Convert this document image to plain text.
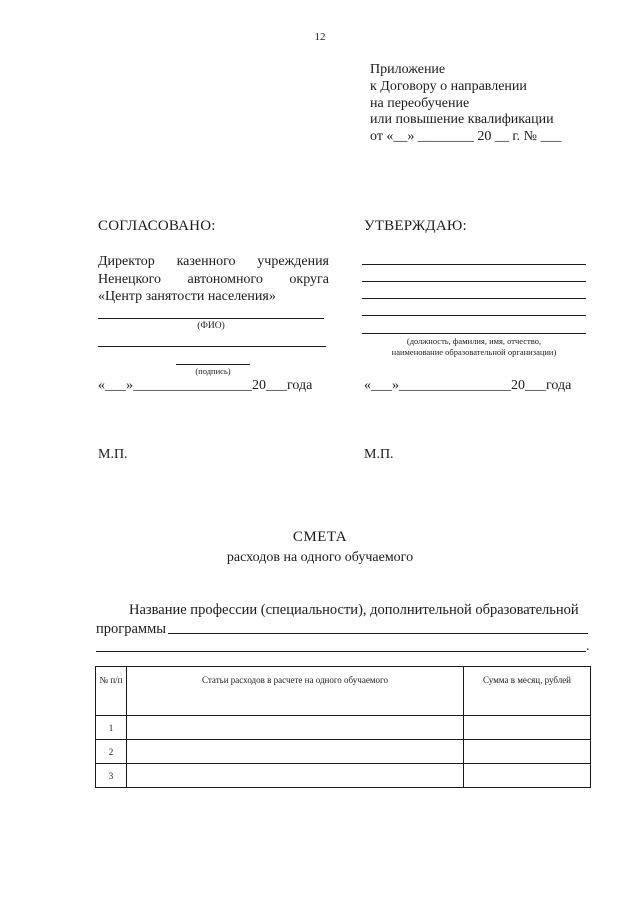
12
Приложение
к Договору о направлении
на переобучение
или повышение квалификации
от «__» ________ 20 __ г. № ___
СОГЛАСОВАНО:	УТВЕРЖДАЮ:
Директор казенного учреждения
Ненецкого автономного округа
«Центр занятости населения»
(ФИО)
(подпись)
«___»_________________20___года
(должность, фамилия, имя, отчество,
наименование образовательной организации)
«___»________________20___года
М.П.	М.П.
СМЕТА
расходов на одного обучаемого
Название профессии (специальности), дополнительной образовательной программы
.
№ п/п	Статьи расходов в расчете на одного обучаемого	Сумма в месяц, рублей
1		
2		
3		
